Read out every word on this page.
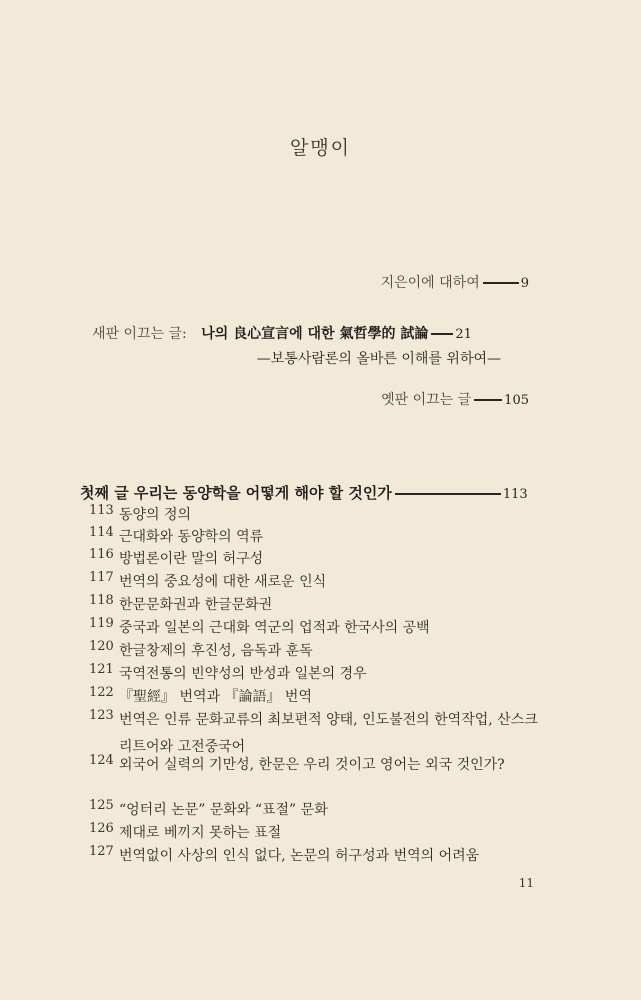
알맹이
지은이에 대하여	9
새판 이끄는 글: 나의 良心宣言에 대한 氣哲學的 試論 21
—보통사람론의 올바른 이해를 위하여—
옛판 이끄는 글	105
첫째 글 우리는 동양학을 어떻게 해야 할 것인가	113
113 동양의 정의
114 근대화와 동양학의 역류
116 방법론이란 말의 허구성
117 번역의 중요성에 대한 새로운 인식
118 한문문화권과 한글문화권
119 중국과 일본의 근대화 역군의 업적과 한국사의 공백
120 한글창제의 후진성, 음독과 훈독
121 국역전통의 빈약성의 반성과 일본의 경우
122 『聖經』 번역과 『論語』 번역
123 번역은 인류 문화교류의 최보편적 양태, 인도불전의 한역작업, 산스크리트어와 고전중국어
124 외국어 실력의 기만성, 한문은 우리 것이고 영어는 외국 것인가?
125 “엉터리 논문” 문화와 “표절” 문화
126 제대로 베끼지 못하는 표절
127 번역없이 사상의 인식 없다, 논문의 허구성과 번역의 어려움
11
